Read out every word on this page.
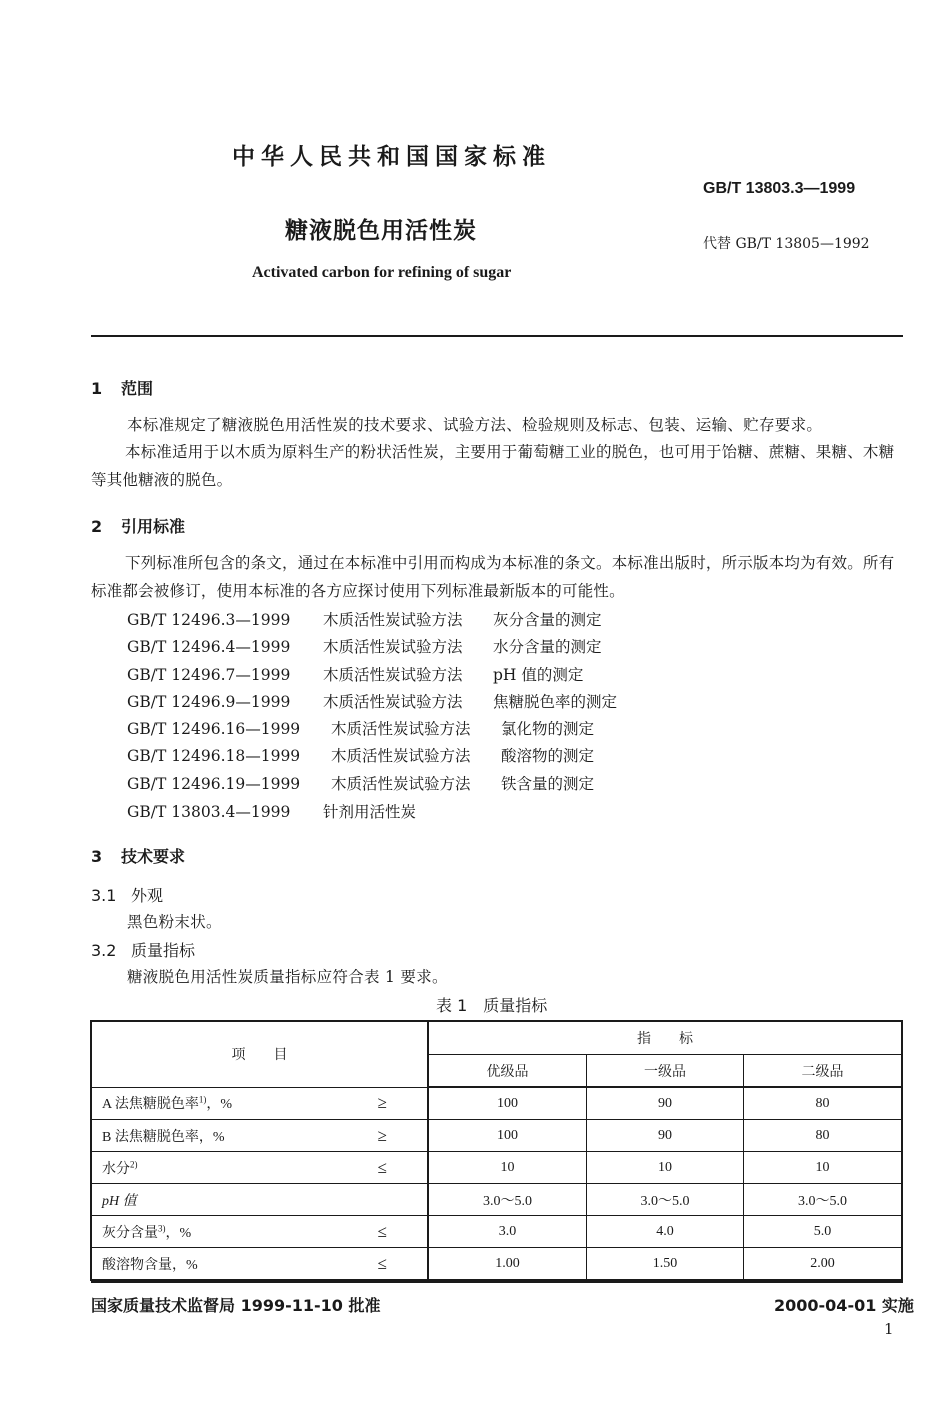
中华人民共和国国家标准
GB/T 13803.3—1999
糖液脱色用活性炭	代替 GB/T 13805—1992
Activated carbon for refining of sugar
1 范围
本标准规定了糖液脱色用活性炭的技术要求、试验方法、检验规则及标志、包装、运输、贮存要求。
本标准适用于以木质为原料生产的粉状活性炭，主要用于葡萄糖工业的脱色，也可用于饴糖、蔗糖、果糖、木糖等其他糖液的脱色。
2 引用标准
下列标准所包含的条文，通过在本标准中引用而构成为本标准的条文。本标准出版时，所示版本均为有效。所有标准都会被修订，使用本标准的各方应探讨使用下列标准最新版本的可能性。
GB/T 12496.3—1999 木质活性炭试验方法 灰分含量的测定
GB/T 12496.4—1999 木质活性炭试验方法 水分含量的测定
GB/T 12496.7—1999 木质活性炭试验方法 pH 值的测定
GB/T 12496.9—1999 木质活性炭试验方法 焦糖脱色率的测定
GB/T 12496.16—1999 木质活性炭试验方法 氯化物的测定
GB/T 12496.18—1999 木质活性炭试验方法 酸溶物的测定
GB/T 12496.19—1999 木质活性炭试验方法 铁含量的测定
GB/T 13803.4—1999 针剂用活性炭
3 技术要求
3.1 外观
黑色粉末状。
3.2 质量指标
糖液脱色用活性炭质量指标应符合表 1 要求。
表 1　质量指标
项　　目	指　　标		
	优级品	一级品	二级品
A 法焦糖脱色率$^{1)}$，% ≥	100	90	80
B 法焦糖脱色率，% ≥	100	90	80
水分$^{2)}$ ≤	10	10	10
pH 值	3.0～5.0	3.0～5.0	3.0～5.0
灰分含量$^{3)}$，% ≤	3.0	4.0	5.0
酸溶物含量，% ≤	1.00	1.50	2.00
国家质量技术监督局 1999-11-10 批准	2000-04-01 实施
1
